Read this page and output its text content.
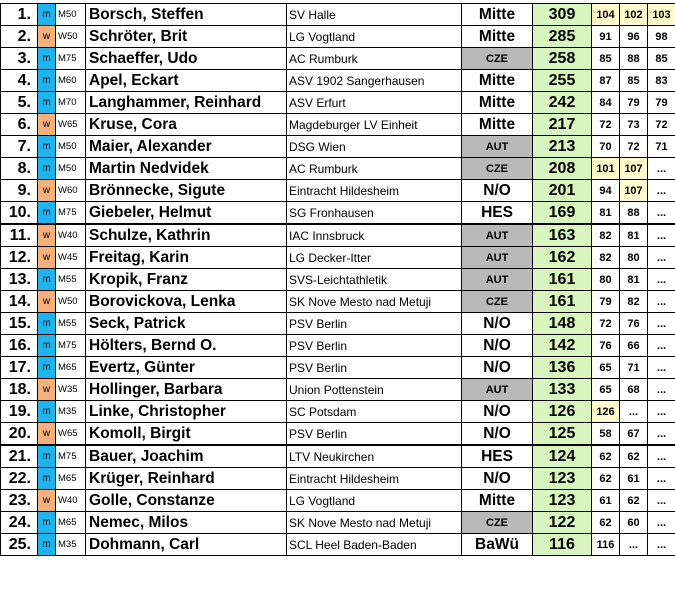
1.	m	M50	Borsch, Steffen	SV Halle	Mitte	309	104	102	103
2.	w	W50	Schröter, Brit	LG Vogtland	Mitte	285	91	96	98
3.	m	M75	Schaeffer, Udo	AC Rumburk	CZE	258	85	88	85
4.	m	M60	Apel, Eckart	ASV 1902 Sangerhausen	Mitte	255	87	85	83
5.	m	M70	Langhammer, Reinhard	ASV Erfurt	Mitte	242	84	79	79
6.	w	W65	Kruse, Cora	Magdeburger LV Einheit	Mitte	217	72	73	72
7.	m	M50	Maier, Alexander	DSG Wien	AUT	213	70	72	71
8.	m	M50	Martin Nedvidek	AC Rumburk	CZE	208	101	107	...
9.	w	W60	Brönnecke, Sigute	Eintracht Hildesheim	N/O	201	94	107	...
10.	m	M75	Giebeler, Helmut	SG Fronhausen	HES	169	81	88	...
11.	w	W40	Schulze, Kathrin	IAC Innsbruck	AUT	163	82	81	...
12.	w	W45	Freitag, Karin	LG Decker-Itter	AUT	162	82	80	...
13.	m	M55	Kropik, Franz	SVS-Leichtathletik	AUT	161	80	81	...
14.	w	W50	Borovickova, Lenka	SK Nove Mesto nad Metuji	CZE	161	79	82	...
15.	m	M55	Seck, Patrick	PSV Berlin	N/O	148	72	76	...
16.	m	M75	Hölters, Bernd O.	PSV Berlin	N/O	142	76	66	...
17.	m	M65	Evertz, Günter	PSV Berlin	N/O	136	65	71	...
18.	w	W35	Hollinger, Barbara	Union Pottenstein	AUT	133	65	68	...
19.	m	M35	Linke, Christopher	SC Potsdam	N/O	126	126	...	...
20.	w	W65	Komoll, Birgit	PSV Berlin	N/O	125	58	67	...
21.	m	M75	Bauer, Joachim	LTV Neukirchen	HES	124	62	62	...
22.	m	M65	Krüger, Reinhard	Eintracht Hildesheim	N/O	123	62	61	...
23.	w	W40	Golle, Constanze	LG Vogtland	Mitte	123	61	62	...
24.	m	M65	Nemec, Milos	SK Nove Mesto nad Metuji	CZE	122	62	60	...
25.	m	M35	Dohmann, Carl	SCL Heel Baden-Baden	BaWü	116	116	...	...
